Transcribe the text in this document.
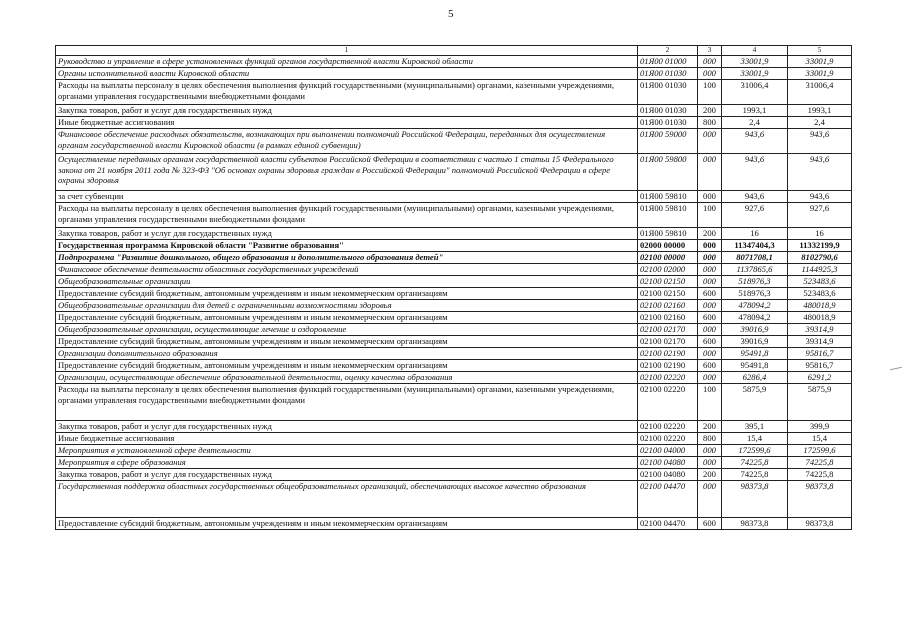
5
1	2	3	4	5
Руководство и управление в сфере установленных функций органов государственной власти Кировской области	01Я00 01000	000	33001,9	33001,9
Органы исполнительной власти Кировской области	01Я00 01030	000	33001,9	33001,9
Расходы на выплаты персоналу в целях обеспечения выполнения функций государственными (муниципальными) органами, казенными учреждениями, органами управления государственными внебюджетными фондами	01Я00 01030	100	31006,4	31006,4
Закупка товаров, работ и услуг для государственных нужд	01Я00 01030	200	1993,1	1993,1
Иные бюджетные ассигнования	01Я00 01030	800	2,4	2,4
Финансовое обеспечение расходных обязательств, возникающих при выполнении полномочий Российской Федерации, переданных для осуществления органам государственной власти Кировской области (в рамках единой субвенции)	01Я00 59000	000	943,6	943,6
Осуществление переданных органам государственной власти субъектов Российской Федерации в соответствии с частью 1 статьи 15 Федерального закона от 21 ноября 2011 года № 323-ФЗ "Об основах охраны здоровья граждан в Российской Федерации" полномочий Российской Федерации в сфере охраны здоровья	01Я00 59800	000	943,6	943,6
за счет субвенции	01Я00 59810	000	943,6	943,6
Расходы на выплаты персоналу в целях обеспечения выполнения функций государственными (муниципальными) органами, казенными учреждениями, органами управления государственными внебюджетными фондами	01Я00 59810	100	927,6	927,6
Закупка товаров, работ и услуг для государственных нужд	01Я00 59810	200	16	16
Государственная программа Кировской области "Развитие образования"	02000 00000	000	11347404,3	11332199,9
Подпрограмма "Развитие дошкольного, общего образования и дополнительного образования детей"	02100 00000	000	8071708,1	8102790,6
Финансовое обеспечение деятельности областных государственных учреждений	02100 02000	000	1137865,6	1144925,3
Общеобразовательные организации	02100 02150	000	518976,3	523483,6
Предоставление субсидий бюджетным, автономным учреждениям и иным некоммерческим организациям	02100 02150	600	518976,3	523483,6
Общеобразовательные организации для детей с ограниченными возможностями здоровья	02100 02160	000	478094,2	480018,9
Предоставление субсидий бюджетным, автономным учреждениям и иным некоммерческим организациям	02100 02160	600	478094,2	480018,9
Общеобразовательные организации, осуществляющие лечение и оздоровление	02100 02170	000	39016,9	39314,9
Предоставление субсидий бюджетным, автономным учреждениям и иным некоммерческим организациям	02100 02170	600	39016,9	39314,9
Организации дополнительного образования	02100 02190	000	95491,8	95816,7
Предоставление субсидий бюджетным, автономным учреждениям и иным некоммерческим организациям	02100 02190	600	95491,8	95816,7
Организации, осуществляющие обеспечение образовательной деятельности, оценку качества образования	02100 02220	000	6286,4	6291,2
Расходы на выплаты персоналу в целях обеспечения выполнения функций государственными (муниципальными) органами, казенными учреждениями, органами управления государственными внебюджетными фондами	02100 02220	100	5875,9	5875,9
Закупка товаров, работ и услуг для государственных нужд	02100 02220	200	395,1	399,9
Иные бюджетные ассигнования	02100 02220	800	15,4	15,4
Мероприятия в установленной сфере деятельности	02100 04000	000	172599,6	172599,6
Мероприятия в сфере образования	02100 04080	000	74225,8	74225,8
Закупка товаров, работ и услуг для государственных нужд	02100 04080	200	74225,8	74225,8
Государственная поддержка областных государственных общеобразовательных организаций, обеспечивающих высокое качество образования	02100 04470	000	98373,8	98373,8
Предоставление субсидий бюджетным, автономным учреждениям и иным некоммерческим организациям	02100 04470	600	98373,8	98373,8
